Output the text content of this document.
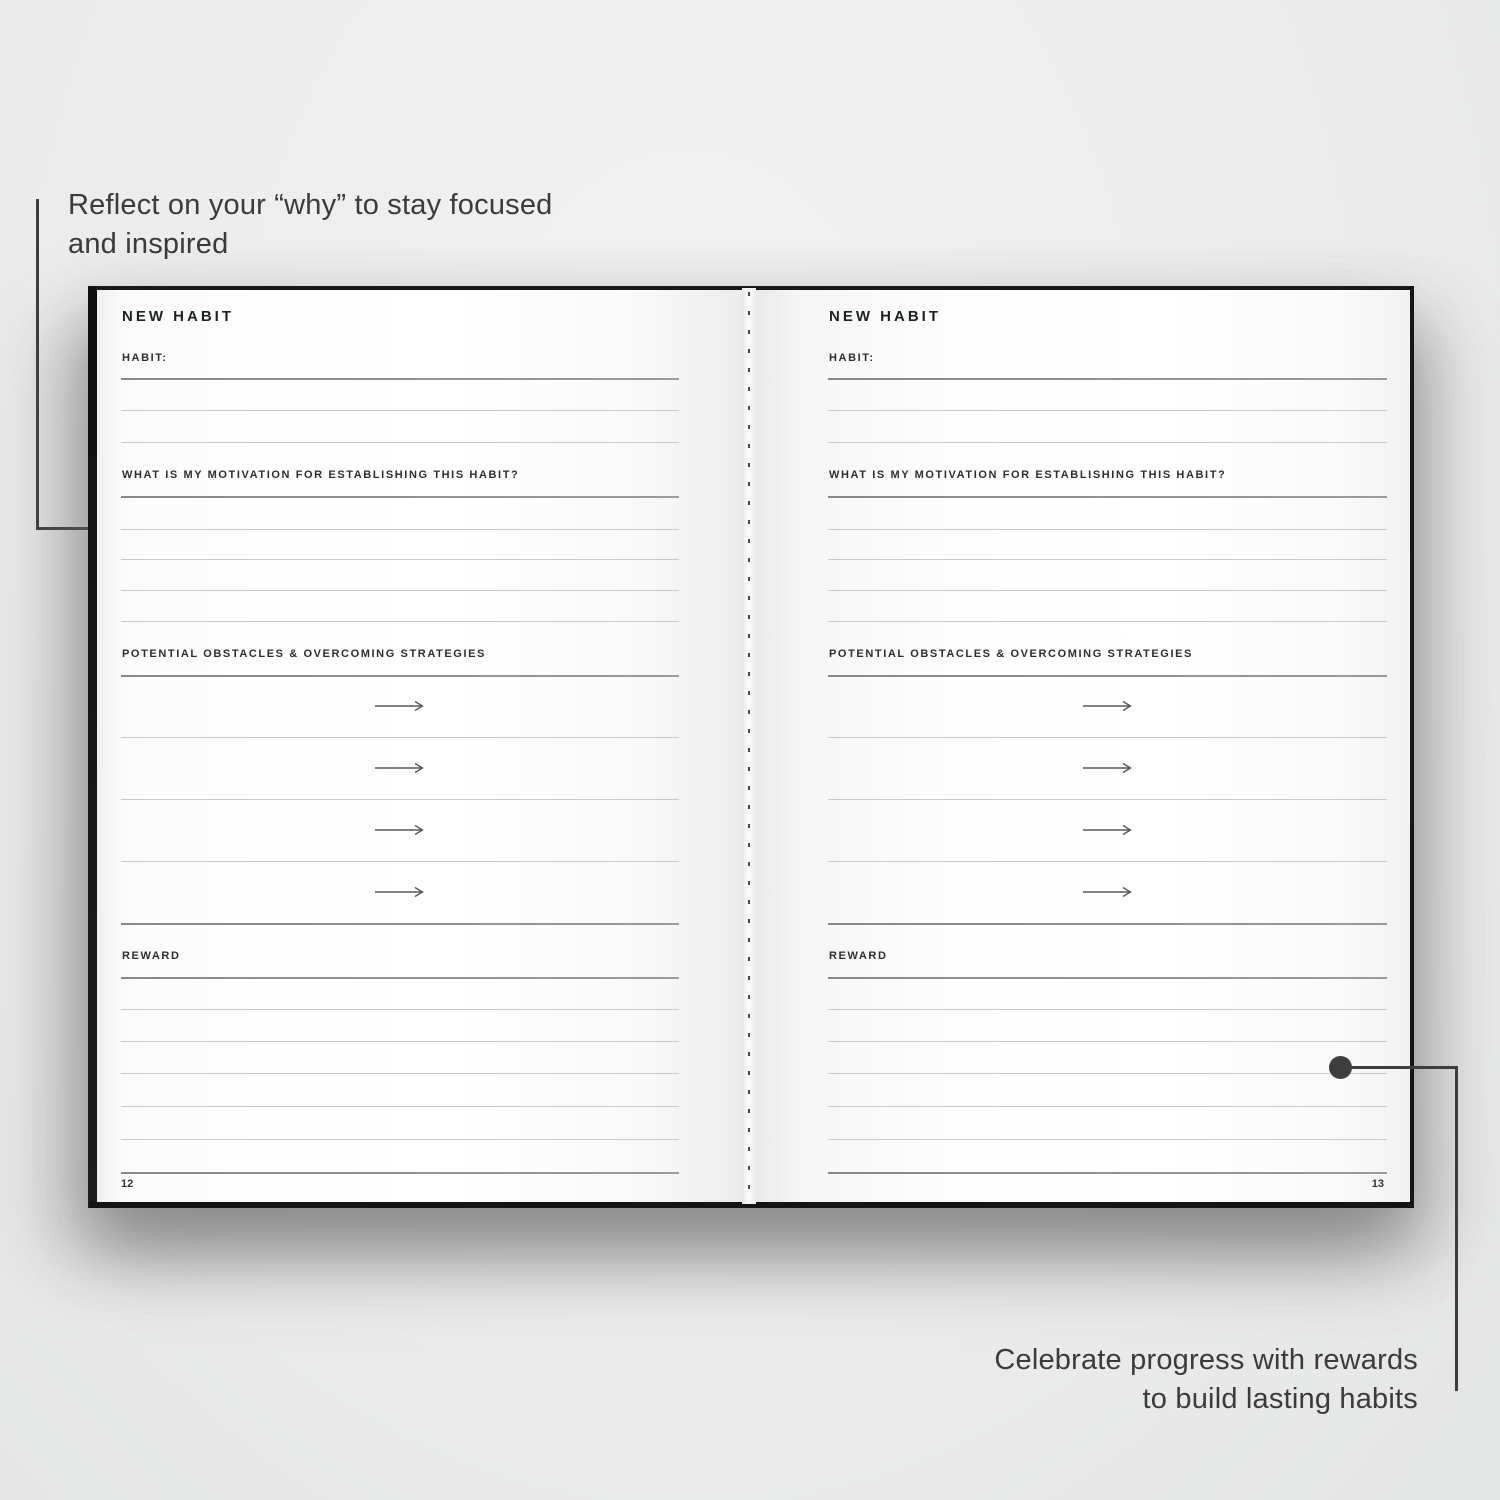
Reflect on your “why” to stay focused
and inspired
NEW HABIT
HABIT:
WHAT IS MY MOTIVATION FOR ESTABLISHING THIS HABIT?
POTENTIAL OBSTACLES & OVERCOMING STRATEGIES
REWARD
12
NEW HABIT
HABIT:
WHAT IS MY MOTIVATION FOR ESTABLISHING THIS HABIT?
POTENTIAL OBSTACLES & OVERCOMING STRATEGIES
REWARD
13
Celebrate progress with rewards
to build lasting habits
